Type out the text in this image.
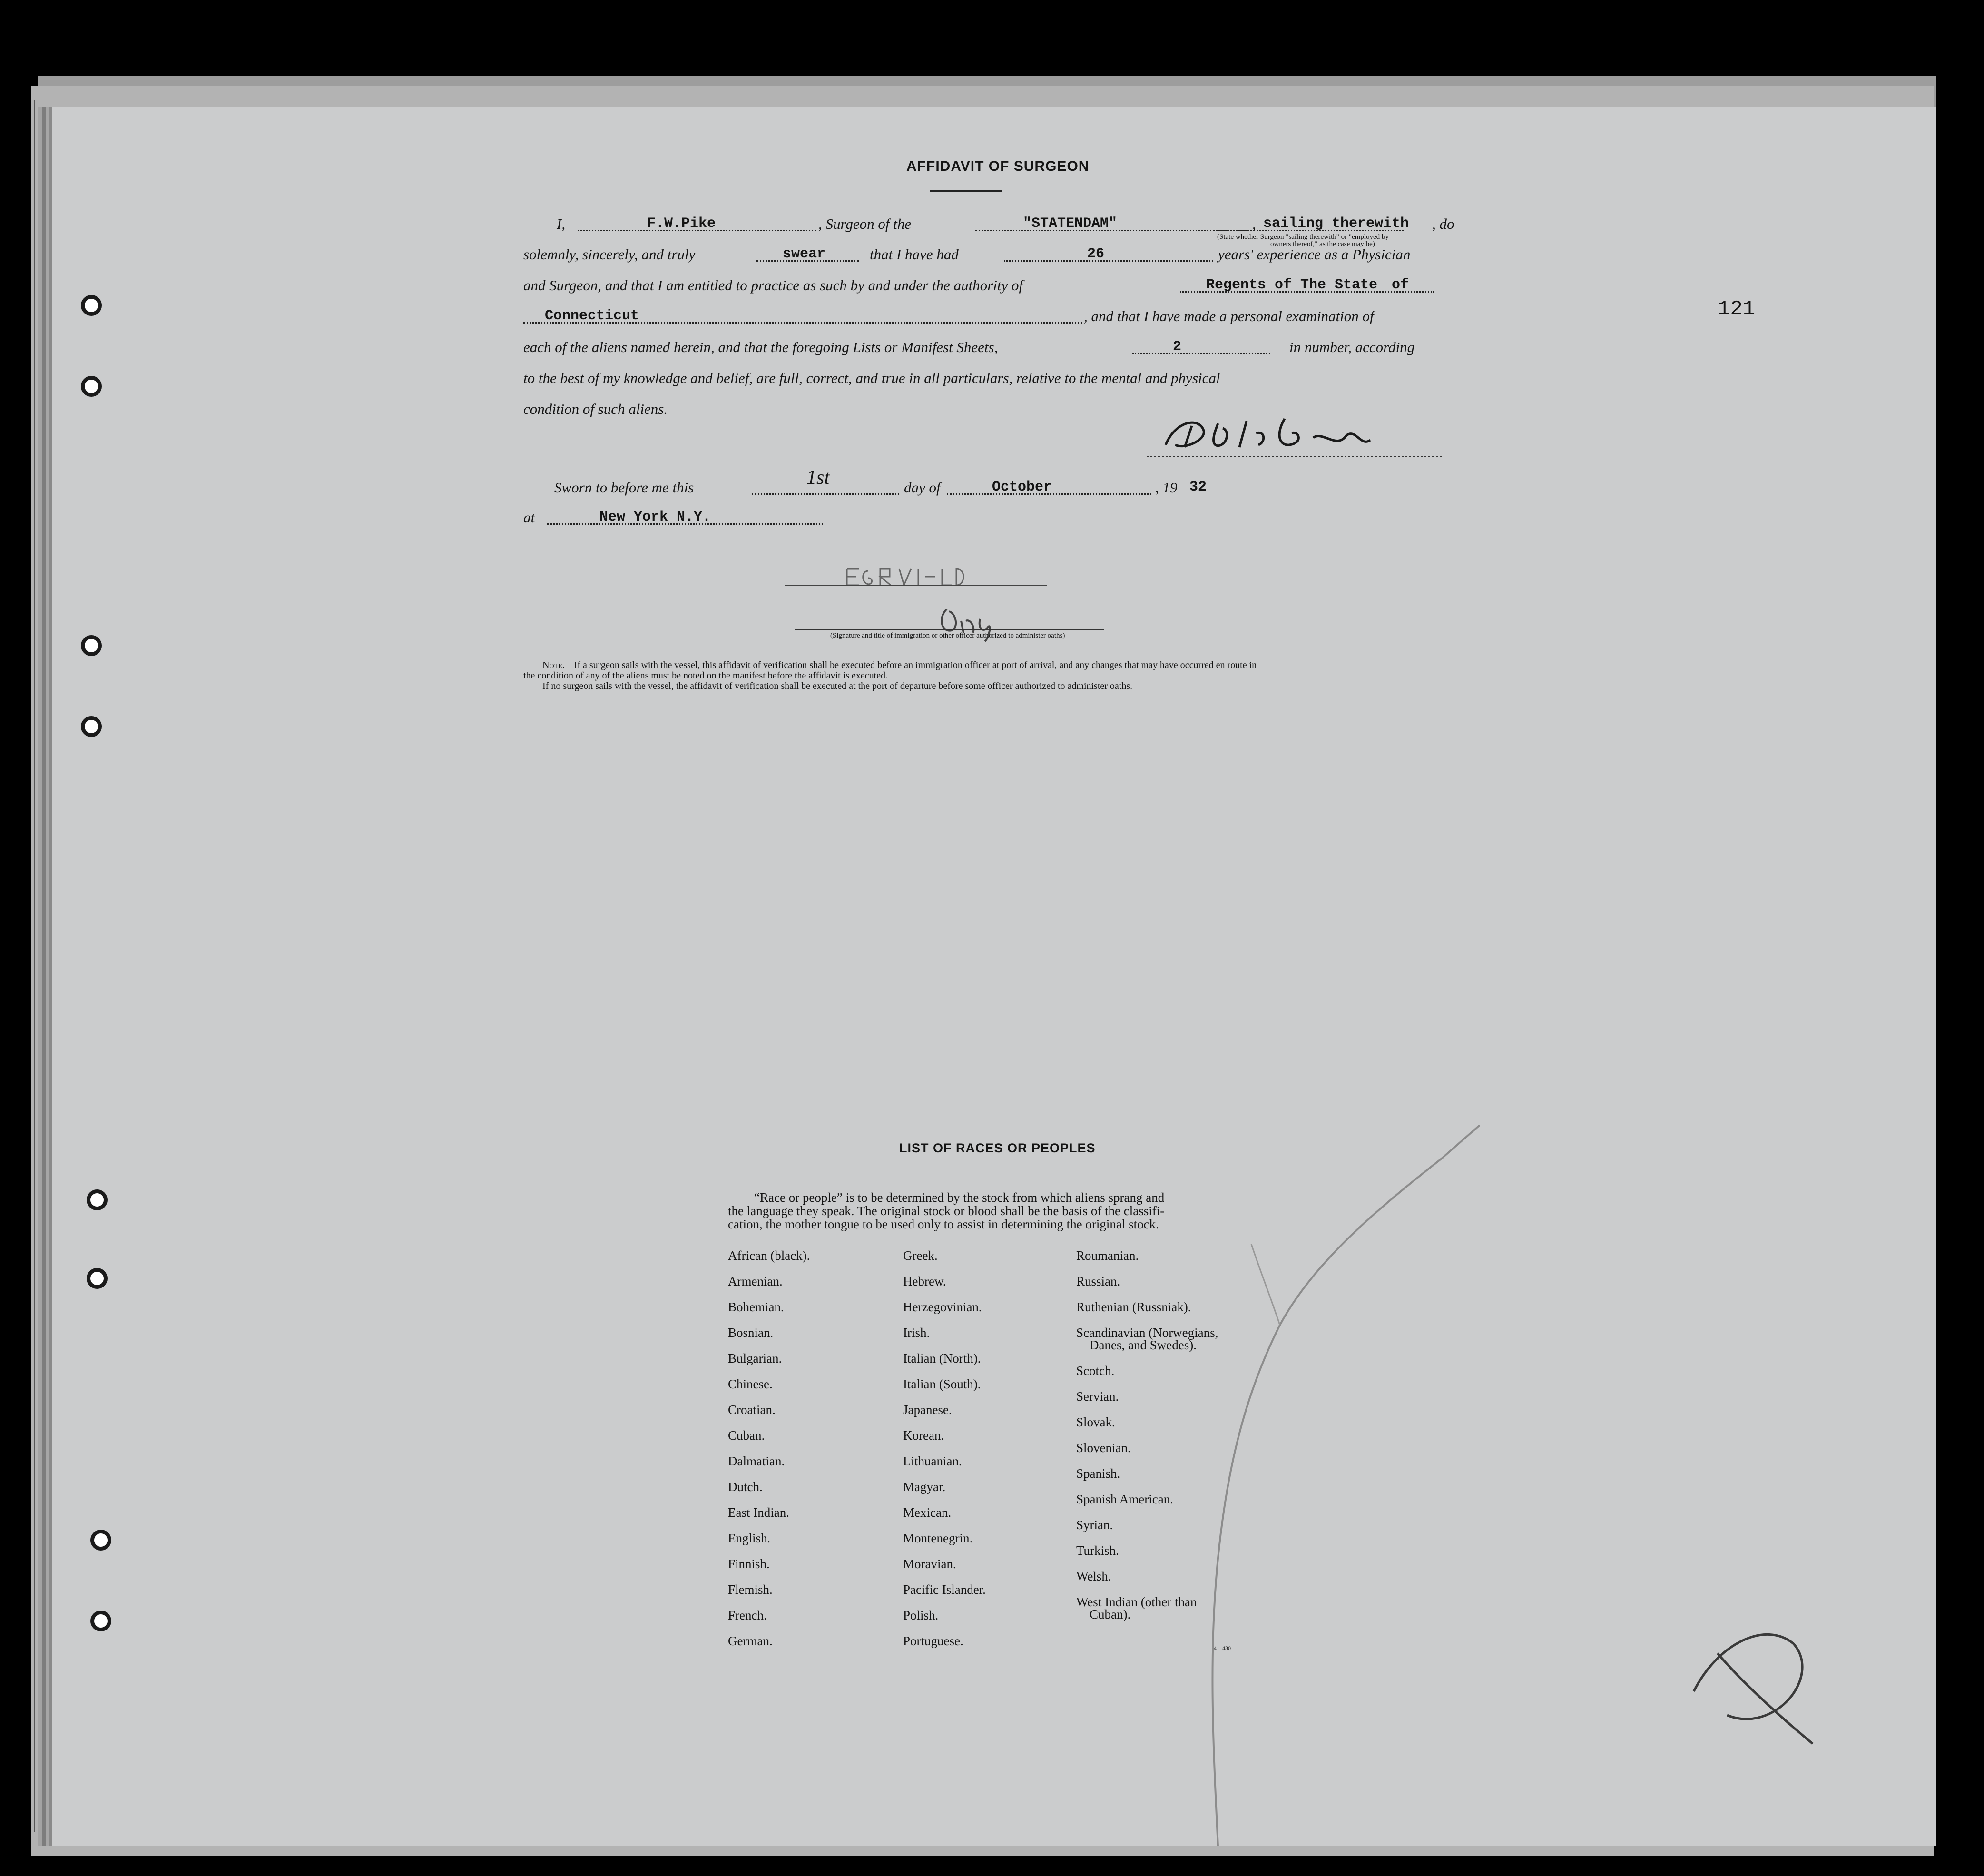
121
AFFIDAVIT OF SURGEON
I,	F.W.Pike	, Surgeon of the	"STATENDAM"	, sailing therewith , do
(State whether Surgeon "sailing therewith" or "employed by
owners thereof," as the case may be)
solemnly, sincerely, and truly	swear	that I have had	26	years' experience as a Physician
and Surgeon, and that I am entitled to practice as such by and under the authority of	Regents of The State of
Connecticut	, and that I have made a personal examination of
each of the aliens named herein, and that the foregoing Lists or Manifest Sheets,	2	in number, according
to the best of my knowledge and belief, are full, correct, and true in all particulars, relative to the mental and physical
condition of such aliens.
Sworn to before me this	1st	day of	October	, 19 32
at	New York N.Y.
(Signature and title of immigration or other officer authorized to administer oaths)
Note.—If a surgeon sails with the vessel, this affidavit of verification shall be executed before an immigration officer at port of arrival, and any changes that may have occurred en route in
the condition of any of the aliens must be noted on the manifest before the affidavit is executed.
If no surgeon sails with the vessel, the affidavit of verification shall be executed at the port of departure before some officer authorized to administer oaths.
LIST OF RACES OR PEOPLES
“Race or people” is to be determined by the stock from which aliens sprang and
the language they speak. The original stock or blood shall be the basis of the classifi-
cation, the mother tongue to be used only to assist in determining the original stock.
African (black).
Armenian.
Bohemian.
Bosnian.
Bulgarian.
Chinese.
Croatian.
Cuban.
Dalmatian.
Dutch.
East Indian.
English.
Finnish.
Flemish.
French.
German.
Greek.
Hebrew.
Herzegovinian.
Irish.
Italian (North).
Italian (South).
Japanese.
Korean.
Lithuanian.
Magyar.
Mexican.
Montenegrin.
Moravian.
Pacific Islander.
Polish.
Portuguese.
Roumanian.
Russian.
Ruthenian (Russniak).
Scandinavian (Norwegians,
Danes, and Swedes).
Scotch.
Servian.
Slovak.
Slovenian.
Spanish.
Spanish American.
Syrian.
Turkish.
Welsh.
West Indian (other than
Cuban).
14—430
